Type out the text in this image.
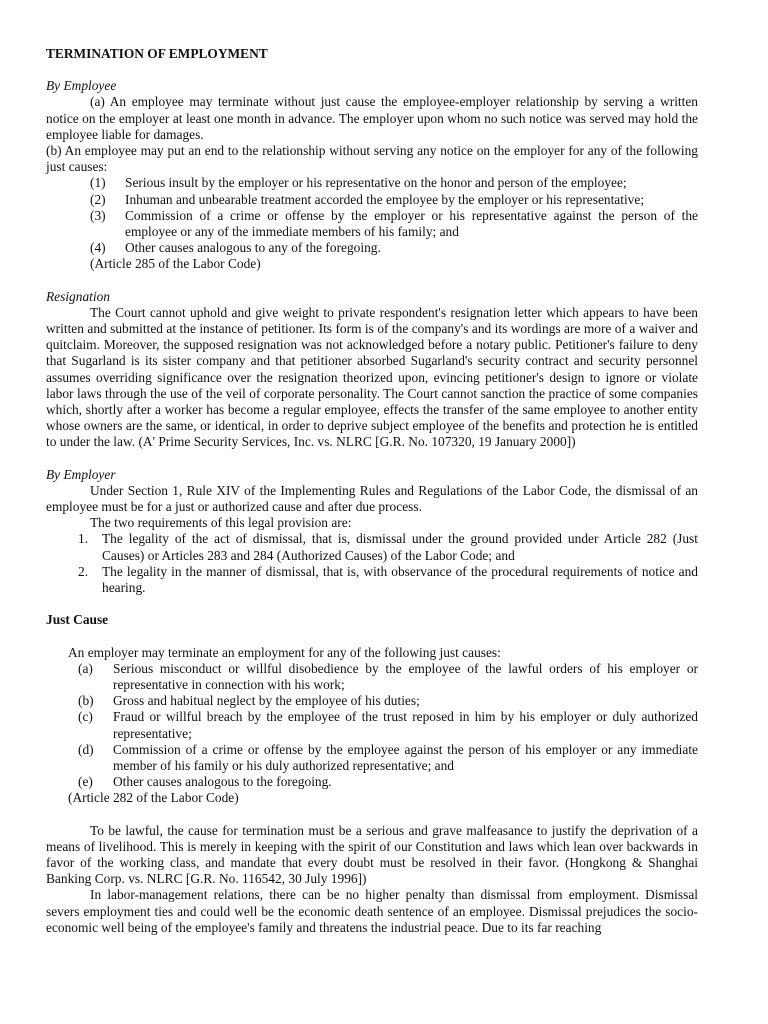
TERMINATION OF EMPLOYMENT
By Employee

(a) An employee may terminate without just cause the employee-employer relationship by serving a written notice on the employer at least one month in advance. The employer upon whom no such notice was served may hold the employee liable for damages.

(b) An employee may put an end to the relationship without serving any notice on the employer for any of the following just causes:

(1)	Serious insult by the employer or his representative on the honor and person of the employee;
(2)	Inhuman and unbearable treatment accorded the employee by the employer or his representative;
(3)	Commission of a crime or offense by the employer or his representative against the person of the employee or any of the immediate members of his family; and
(4)	Other causes analogous to any of the foregoing.

(Article 285 of the Labor Code)

Resignation

The Court cannot uphold and give weight to private respondent's resignation letter which appears to have been written and submitted at the instance of petitioner. Its form is of the company's and its wordings are more of a waiver and quitclaim. Moreover, the supposed resignation was not acknowledged before a notary public. Petitioner's failure to deny that Sugarland is its sister company and that petitioner absorbed Sugarland's security contract and security personnel assumes overriding significance over the resignation theorized upon, evincing petitioner's design to ignore or violate labor laws through the use of the veil of corporate personality. The Court cannot sanction the practice of some companies which, shortly after a worker has become a regular employee, effects the transfer of the same employee to another entity whose owners are the same, or identical, in order to deprive subject employee of the benefits and protection he is entitled to under the law. (A' Prime Security Services, Inc. vs. NLRC [G.R. No. 107320, 19 January 2000])

By Employer

Under Section 1, Rule XIV of the Implementing Rules and Regulations of the Labor Code, the dismissal of an employee must be for a just or authorized cause and after due process.

The two requirements of this legal provision are:

1.	The legality of the act of dismissal, that is, dismissal under the ground provided under Article 282 (Just Causes) or Articles 283 and 284 (Authorized Causes) of the Labor Code; and
2.	The legality in the manner of dismissal, that is, with observance of the procedural requirements of notice and hearing.
Just Cause

An employer may terminate an employment for any of the following just causes:

(a)	Serious misconduct or willful disobedience by the employee of the lawful orders of his employer or representative in connection with his work;
(b)	Gross and habitual neglect by the employee of his duties;
(c)	Fraud or willful breach by the employee of the trust reposed in him by his employer or duly authorized representative;
(d)	Commission of a crime or offense by the employee against the person of his employer or any immediate member of his family or his duly authorized representative; and
(e)	Other causes analogous to the foregoing.

(Article 282 of the Labor Code)

To be lawful, the cause for termination must be a serious and grave malfeasance to justify the deprivation of a means of livelihood. This is merely in keeping with the spirit of our Constitution and laws which lean over backwards in favor of the working class, and mandate that every doubt must be resolved in their favor. (Hongkong & Shanghai Banking Corp. vs. NLRC [G.R. No. 116542, 30 July 1996])

In labor-management relations, there can be no higher penalty than dismissal from employment. Dismissal severs employment ties and could well be the economic death sentence of an employee. Dismissal prejudices the socio-economic well being of the employee's family and threatens the industrial peace. Due to its far reaching
